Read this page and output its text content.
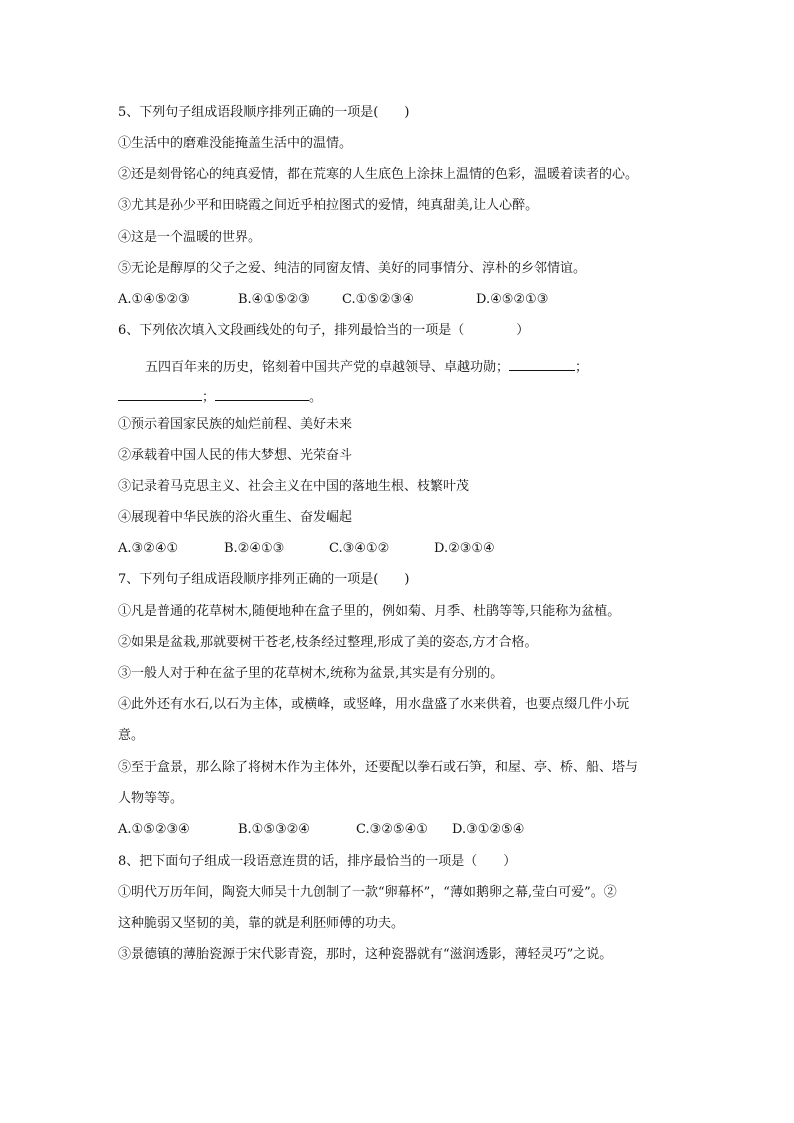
5、下列句子组成语段顺序排列正确的一项是(　　)
①生活中的磨难没能掩盖生活中的温情。
②还是刻骨铭心的纯真爱情，都在荒寒的人生底色上涂抹上温情的色彩，温暖着读者的心。
③尤其是孙少平和田晓霞之间近乎柏拉图式的爱情，纯真甜美,让人心醉。
④这是一个温暖的世界。
⑤无论是醇厚的父子之爱、纯洁的同窗友情、美好的同事情分、淳朴的乡邻情谊。
A.①④⑤②③	B.④①⑤②③ C.①⑤②③④	D.④⑤②①③
6、下列依次填入文段画线处的句子，排列最恰当的一项是（　　　　）
五四百年来的历史，铭刻着中国共产党的卓越领导、卓越功勋；	；
；	。
①预示着国家民族的灿烂前程、美好未来
②承载着中国人民的伟大梦想、光荣奋斗
③记录着马克思主义、社会主义在中国的落地生根、枝繁叶茂
④展现着中华民族的浴火重生、奋发崛起
A.③②④①	B.②④①③	C.③④①②	D.②③①④
7、下列句子组成语段顺序排列正确的一项是(　　)
①凡是普通的花草树木,随便地种在盒子里的，例如菊、月季、杜鹃等等,只能称为盆植。
②如果是盆栽,那就要树干苍老,枝条经过整理,形成了美的姿态,方才合格。
③一般人对于种在盆子里的花草树木,统称为盆景,其实是有分别的。
④此外还有水石,以石为主体，或横峰，或竖峰，用水盘盛了水来供着，也要点缀几件小玩
意。
⑤至于盒景，那么除了将树木作为主体外，还要配以拳石或石笋，和屋、亭、桥、船、塔与
人物等等。
A.①⑤②③④	B.①⑤③②④	C.③②⑤④① D.③①②⑤④
8、把下面句子组成一段语意连贯的话，排序最恰当的一项是（　　）
①明代万历年间，陶瓷大师吴十九创制了一款“卵幕杯”，“薄如鹅卵之幕,莹白可爱”。②
这种脆弱又坚韧的美，靠的就是利胚师傅的功夫。
③景德镇的薄胎瓷源于宋代影青瓷，那时，这种瓷器就有“滋润透影，薄轻灵巧”之说。
